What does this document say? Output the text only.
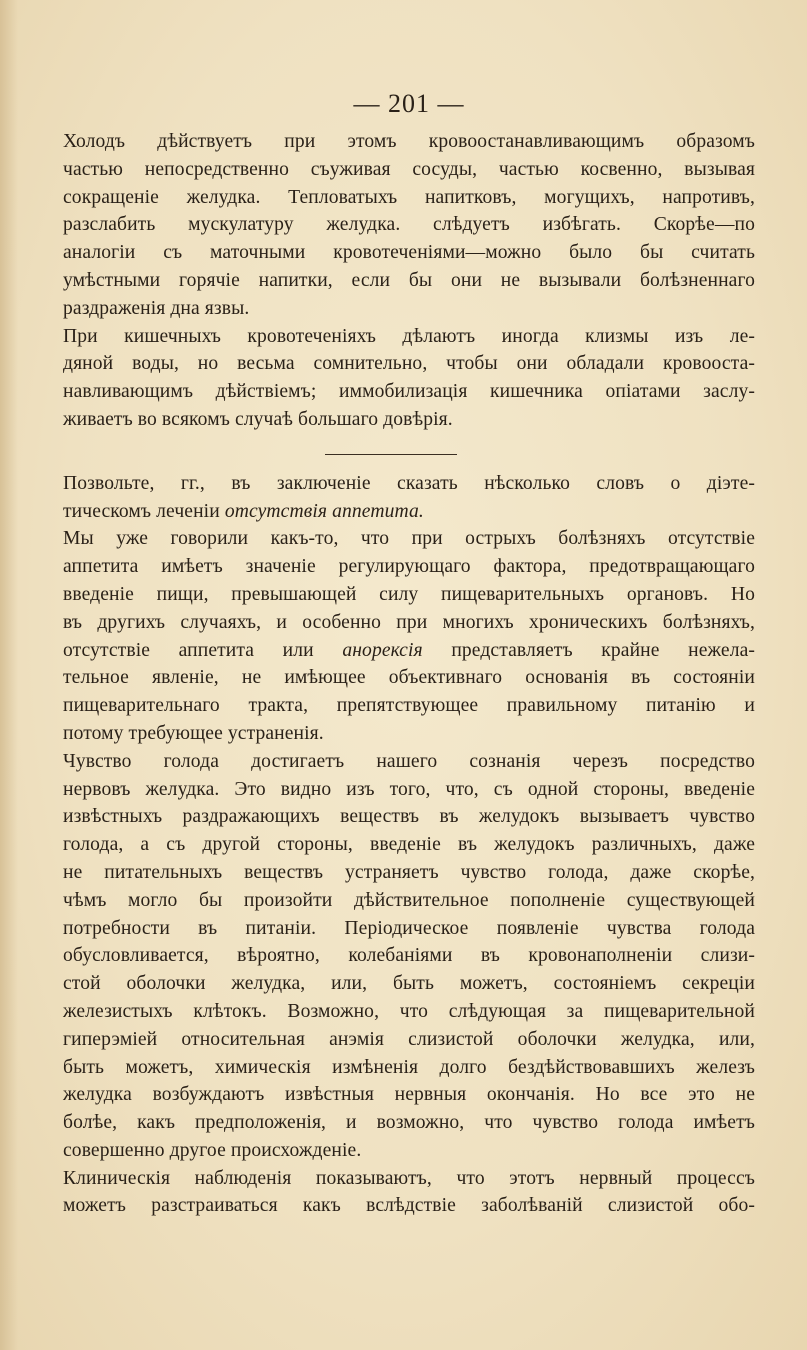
— 201 —
Холодъ дѣйствуетъ при этомъ кровоостанавливающимъ образомъ
частью непосредственно съуживая сосуды, частью косвенно, вызывая
сокращеніе желудка. Тепловатыхъ напитковъ, могущихъ, напротивъ,
разслабить мускулатуру желудка. слѣдуетъ избѣгать. Скорѣе—по
аналогіи съ маточными кровотеченіями—можно было бы считать
умѣстными горячіе напитки, если бы они не вызывали болѣзненнаго
раздраженія дна язвы.
При кишечныхъ кровотеченіяхъ дѣлаютъ иногда клизмы изъ ле-
дяной воды, но весьма сомнительно, чтобы они обладали кровооста-
навливающимъ дѣйствіемъ; иммобилизація кишечника опіатами заслу-
живаетъ во всякомъ случаѣ большаго довѣрія.
Позвольте, гг., въ заключеніе сказать нѣсколько словъ о діэте-
тическомъ леченіи отсутствія аппетита.
Мы уже говорили какъ-то, что при острыхъ болѣзняхъ отсутствіе
аппетита имѣетъ значеніе регулирующаго фактора, предотвращающаго
введеніе пищи, превышающей силу пищеварительныхъ органовъ. Но
въ другихъ случаяхъ, и особенно при многихъ хроническихъ болѣзняхъ,
отсутствіе аппетита или анорексія представляетъ крайне нежела-
тельное явленіе, не имѣющее объективнаго основанія въ состояніи
пищеварительнаго тракта, препятствующее правильному питанію и
потому требующее устраненія.
Чувство голода достигаетъ нашего сознанія черезъ посредство
нервовъ желудка. Это видно изъ того, что, съ одной стороны, введеніе
извѣстныхъ раздражающихъ веществъ въ желудокъ вызываетъ чувство
голода, а съ другой стороны, введеніе въ желудокъ различныхъ, даже
не питательныхъ веществъ устраняетъ чувство голода, даже скорѣе,
чѣмъ могло бы произойти дѣйствительное пополненіе существующей
потребности въ питаніи. Періодическое появленіе чувства голода
обусловливается, вѣроятно, колебаніями въ кровонаполненіи слизи-
стой оболочки желудка, или, быть можетъ, состояніемъ секреціи
железистыхъ клѣтокъ. Возможно, что слѣдующая за пищеварительной
гиперэміей относительная анэмія слизистой оболочки желудка, или,
быть можетъ, химическія измѣненія долго бездѣйствовавшихъ железъ
желудка возбуждаютъ извѣстныя нервныя окончанія. Но все это не
болѣе, какъ предположенія, и возможно, что чувство голода имѣетъ
совершенно другое происхожденіе.
Клиническія наблюденія показываютъ, что этотъ нервный процессъ
можетъ разстраиваться какъ вслѣдствіе заболѣваній слизистой обо-
